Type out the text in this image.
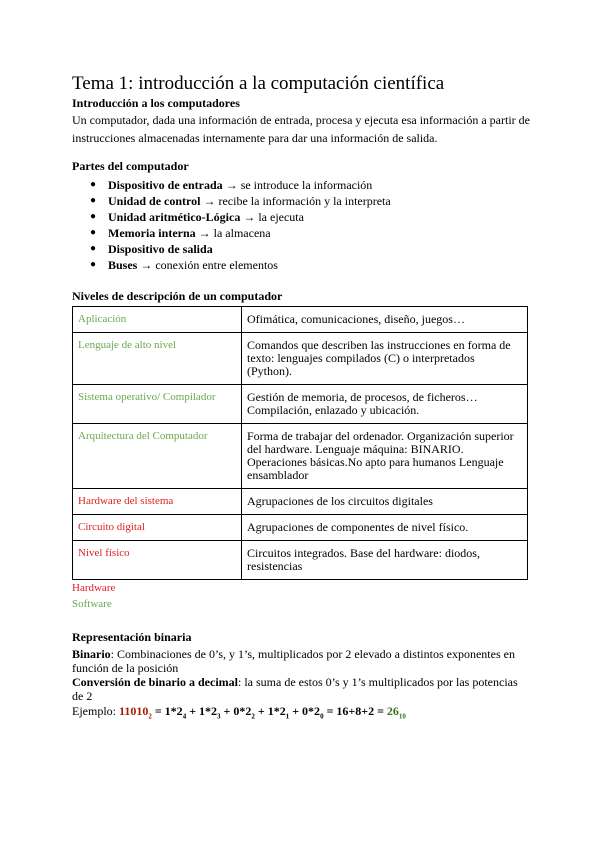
Tema 1: introducción a la computación científica
Introducción a los computadores
Un computador, dada una información de entrada, procesa y ejecuta esa información a partir de instrucciones almacenadas internamente para dar una información de salida.
Partes del computador
● Dispositivo de entrada → se introduce la información
● Unidad de control → recibe la información y la interpreta
● Unidad aritmético-Lógica → la ejecuta
● Memoria interna → la almacena
● Dispositivo de salida
● Buses → conexión entre elementos
Niveles de descripción de un computador
Aplicación	Ofimática, comunicaciones, diseño, juegos…
Lenguaje de alto nivel	Comandos que describen las instrucciones en forma de texto: lenguajes compilados (C) o interpretados (Python).
Sistema operativo/ Compilador	Gestión de memoria, de procesos, de ficheros… Compilación, enlazado y ubicación.
Arquitectura del Computador	Forma de trabajar del ordenador. Organización superior del hardware. Lenguaje máquina: BINARIO. Operaciones básicas.No apto para humanos Lenguaje ensamblador
Hardware del sistema	Agrupaciones de los circuitos digitales
Circuito digital	Agrupaciones de componentes de nivel físico.
Nivel físico	Circuitos integrados. Base del hardware: diodos, resistencias
Hardware
Software
Representación binaria
Binario: Combinaciones de 0’s, y 1’s, multiplicados por 2 elevado a distintos exponentes en función de la posición
Conversión de binario a decimal: la suma de estos 0’s y 1’s multiplicados por las potencias de 2
Ejemplo: $11010_2 = 1*2_4 + 1*2_3 + 0*2_2 + 1*2_1 + 0*2_0 = 16+8+2 = 26_{10}$
